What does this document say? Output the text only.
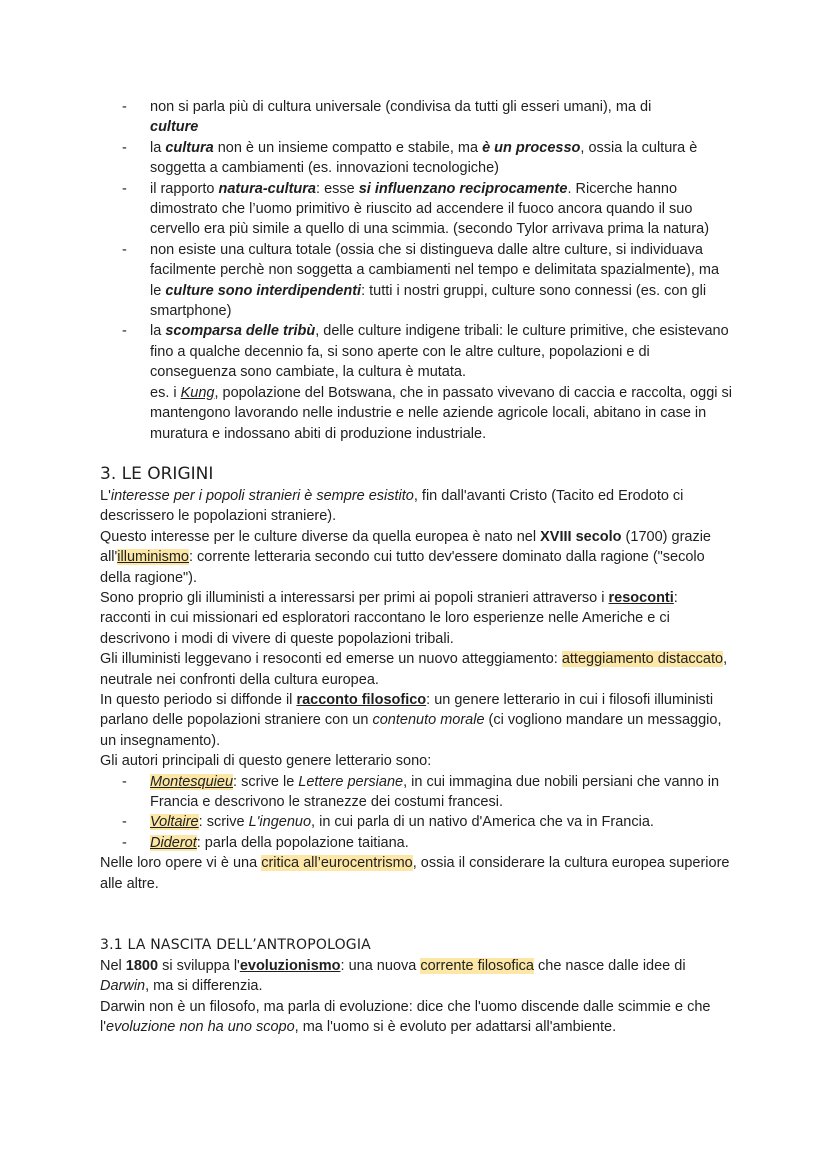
- non si parla più di cultura universale (condivisa da tutti gli esseri umani), ma di
culture
- la cultura non è un insieme compatto e stabile, ma è un processo, ossia la cultura è soggetta a cambiamenti (es. innovazioni tecnologiche)
- il rapporto natura-cultura: esse si influenzano reciprocamente. Ricerche hanno dimostrato che l’uomo primitivo è riuscito ad accendere il fuoco ancora quando il suo cervello era più simile a quello di una scimmia. (secondo Tylor arrivava prima la natura)
- non esiste una cultura totale (ossia che si distingueva dalle altre culture, si individuava facilmente perchè non soggetta a cambiamenti nel tempo e delimitata spazialmente), ma le culture sono interdipendenti: tutti i nostri gruppi, culture sono connessi (es. con gli smartphone)
- la scomparsa delle tribù, delle culture indigene tribali: le culture primitive, che esistevano fino a qualche decennio fa, si sono aperte con le altre culture, popolazioni e di conseguenza sono cambiate, la cultura è mutata.
es. i Kung, popolazione del Botswana, che in passato vivevano di caccia e raccolta, oggi si mantengono lavorando nelle industrie e nelle aziende agricole locali, abitano in case in muratura e indossano abiti di produzione industriale.
3. LE ORIGINI

L'interesse per i popoli stranieri è sempre esistito, fin dall'avanti Cristo (Tacito ed Erodoto ci descrissero le popolazioni straniere).

Questo interesse per le culture diverse da quella europea è nato nel XVIII secolo (1700) grazie all'illuminismo: corrente letteraria secondo cui tutto dev'essere dominato dalla ragione ("secolo della ragione").

Sono proprio gli illuministi a interessarsi per primi ai popoli stranieri attraverso i resoconti: racconti in cui missionari ed esploratori raccontano le loro esperienze nelle Americhe e ci descrivono i modi di vivere di queste popolazioni tribali.

Gli illuministi leggevano i resoconti ed emerse un nuovo atteggiamento: atteggiamento distaccato, neutrale nei confronti della cultura europea.

In questo periodo si diffonde il racconto filosofico: un genere letterario in cui i filosofi illuministi parlano delle popolazioni straniere con un contenuto morale (ci vogliono mandare un messaggio, un insegnamento).

Gli autori principali di questo genere letterario sono:

- Montesquieu: scrive le Lettere persiane, in cui immagina due nobili persiani che vanno in Francia e descrivono le stranezze dei costumi francesi.
- Voltaire: scrive L'ingenuo, in cui parla di un nativo d'America che va in Francia.
- Diderot: parla della popolazione taitiana.

Nelle loro opere vi è una critica all’eurocentrismo, ossia il considerare la cultura europea superiore alle altre.

3.1 LA NASCITA DELL’ANTROPOLOGIA

Nel 1800 si sviluppa l'evoluzionismo: una nuova corrente filosofica che nasce dalle idee di Darwin, ma si differenzia.

Darwin non è un filosofo, ma parla di evoluzione: dice che l'uomo discende dalle scimmie e che l'evoluzione non ha uno scopo, ma l'uomo si è evoluto per adattarsi all'ambiente.
